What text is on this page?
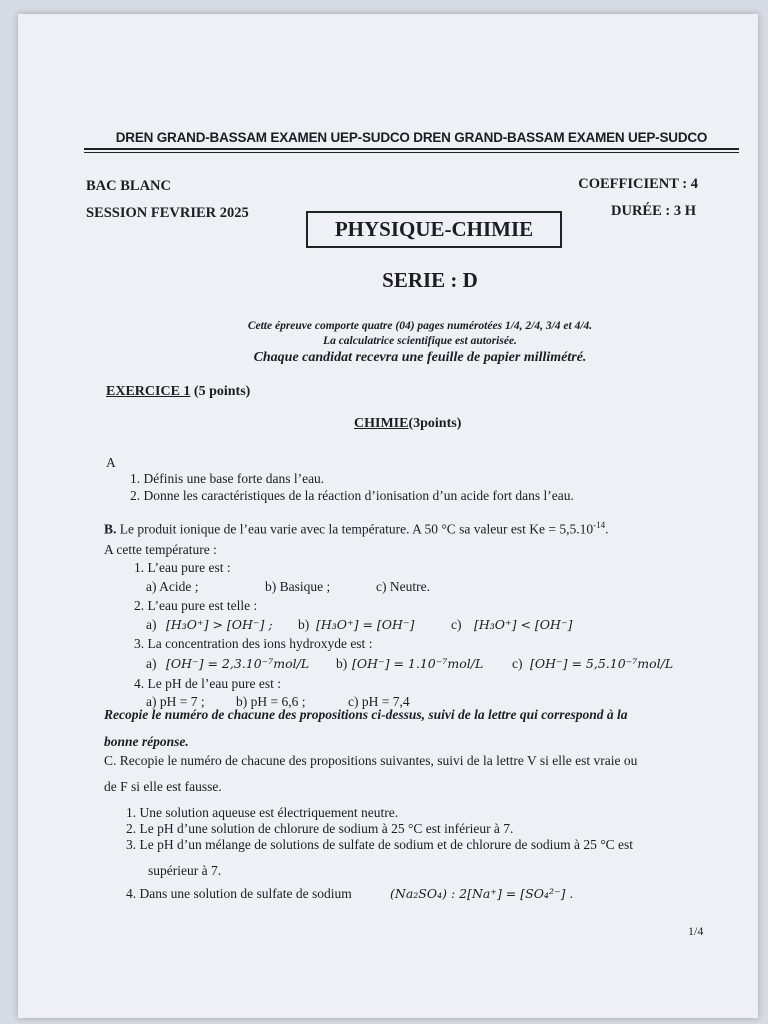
DREN GRAND-BASSAM EXAMEN UEP-SUDCO DREN GRAND-BASSAM EXAMEN UEP-SUDCO
BAC BLANC
SESSION FEVRIER 2025
COEFFICIENT : 4
DURÉE : 3 H
PHYSIQUE-CHIMIE
SERIE : D
Cette épreuve comporte quatre (04) pages numérotées 1/4, 2/4, 3/4 et 4/4.
La calculatrice scientifique est autorisée.
Chaque candidat recevra une feuille de papier millimétré.
EXERCICE 1 (5 points)
CHIMIE(3points)
A
1. Définis une base forte dans l’eau.
2. Donne les caractéristiques de la réaction d’ionisation d’un acide fort dans l’eau.
B. Le produit ionique de l’eau varie avec la température. A 50 °C sa valeur est $Ke = 5,5.10^{-14}$.
A cette température :
1. L’eau pure est :
a) Acide ;	b) Basique ;	c) Neutre.
2. L’eau pure est telle :
a) [H₃O⁺] > [OH⁻] ; b) [H₃O⁺] = [OH⁻]	c) [H₃O⁺] < [OH⁻]
3. La concentration des ions hydroxyde est :
a) [OH⁻] = 2,3.10⁻⁷mol/L b) [OH⁻] = 1.10⁻⁷mol/L c) [OH⁻] = 5,5.10⁻⁷mol/L
4. Le pH de l’eau pure est :
a) pH = 7 ; b) pH = 6,6 ;	c) pH = 7,4
Recopie le numéro de chacune des propositions ci-dessus, suivi de la lettre qui correspond à la
bonne réponse.
C. Recopie le numéro de chacune des propositions suivantes, suivi de la lettre V si elle est vraie ou
de F si elle est fausse.
1. Une solution aqueuse est électriquement neutre.
2. Le pH d’une solution de chlorure de sodium à 25 °C est inférieur à 7.
3. Le pH d’un mélange de solutions de sulfate de sodium et de chlorure de sodium à 25 °C est
supérieur à 7.
4. Dans une solution de sulfate de sodium	(Na₂SO₄) : 2[Na⁺] = [SO₄²⁻] .
1/4
